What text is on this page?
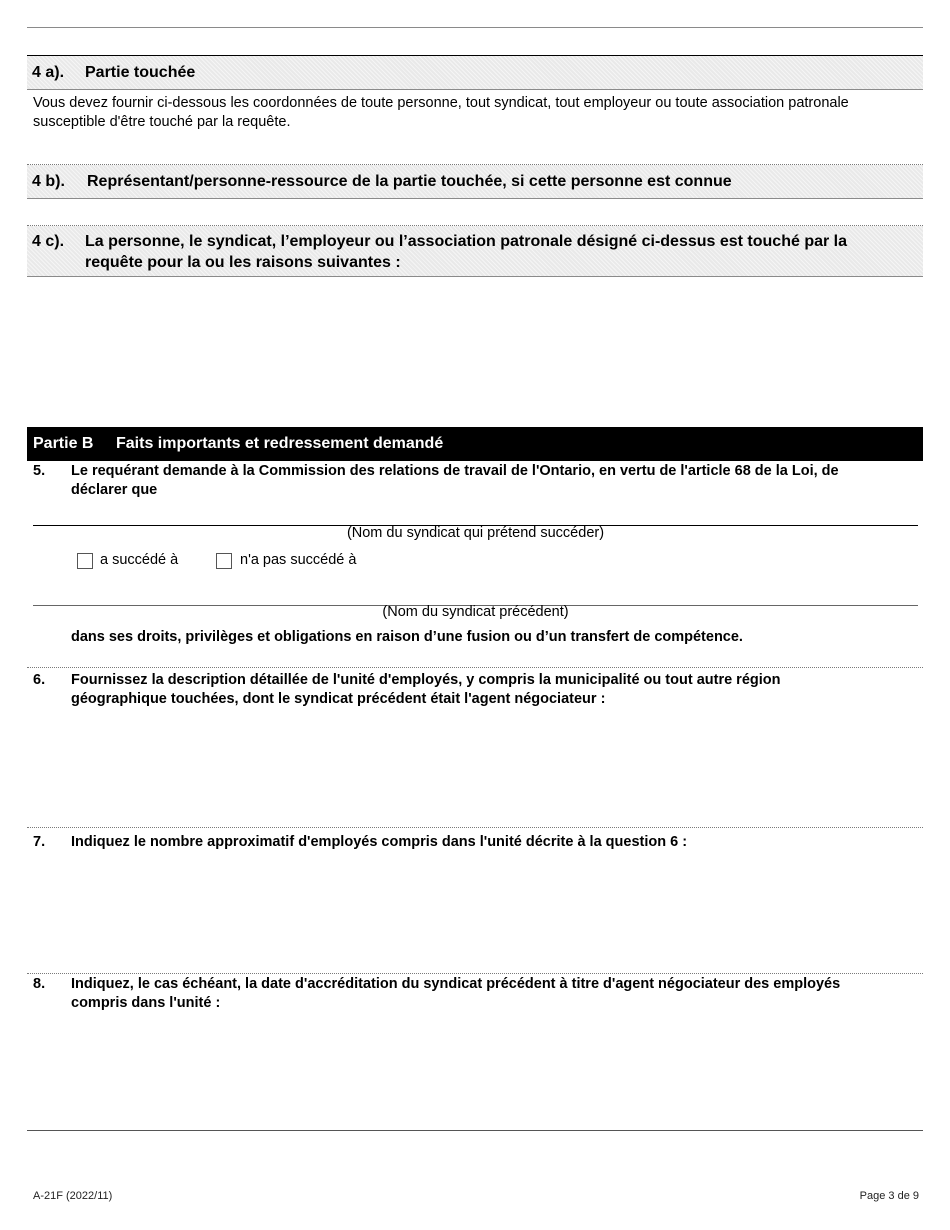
4 a). Partie touchée
Vous devez fournir ci-dessous les coordonnées de toute personne, tout syndicat, tout employeur ou toute association patronale
susceptible d'être touché par la requête.
4 b). Représentant/personne-ressource de la partie touchée, si cette personne est connue
4 c). La personne, le syndicat, l’employeur ou l’association patronale désigné ci-dessus est touché par la
requête pour la ou les raisons suivantes :
Partie B Faits importants et redressement demandé
5. Le requérant demande à la Commission des relations de travail de l'Ontario, en vertu de l'article 68 de la Loi, de
déclarer que
(Nom du syndicat qui prétend succéder)
a succédé à	n'a pas succédé à
(Nom du syndicat précédent)
dans ses droits, privilèges et obligations en raison d’une fusion ou d’un transfert de compétence.
6. Fournissez la description détaillée de l'unité d'employés, y compris la municipalité ou tout autre région
géographique touchées, dont le syndicat précédent était l'agent négociateur :
7. Indiquez le nombre approximatif d'employés compris dans l'unité décrite à la question 6 :
8. Indiquez, le cas échéant, la date d'accréditation du syndicat précédent à titre d'agent négociateur des employés
compris dans l'unité :
A-21F (2022/11)	Page 3 de 9
